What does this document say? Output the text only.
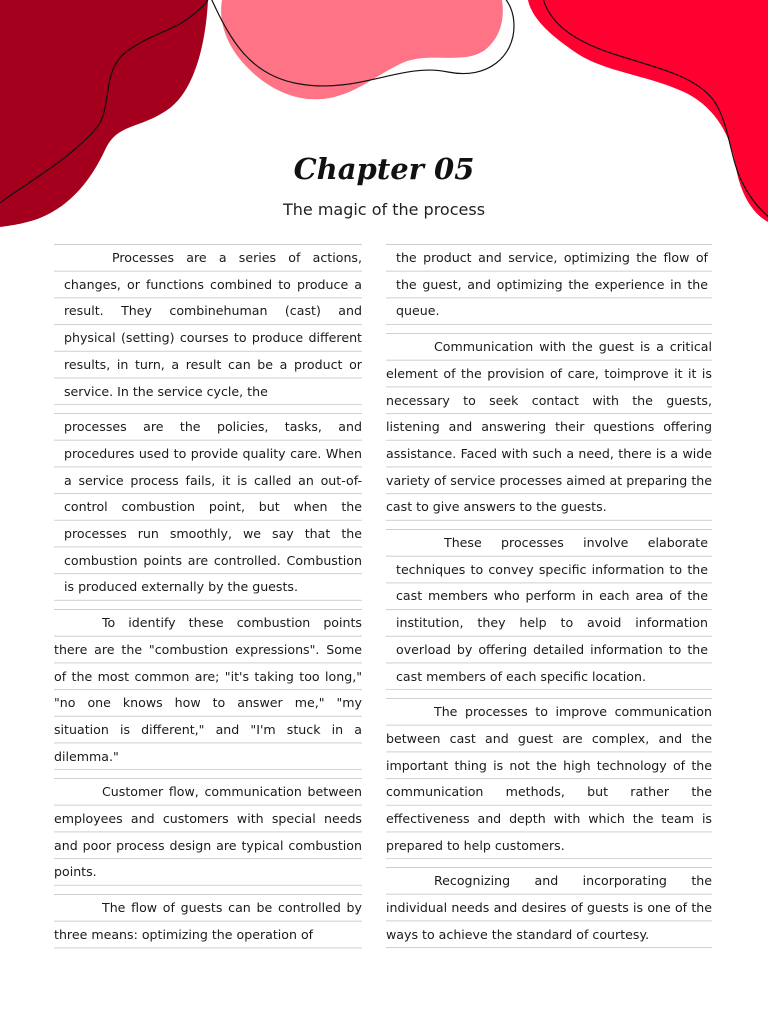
Chapter 05
The magic of the process

Processes are a series of actions, changes, or functions combined to produce a result. They combinehuman (cast) and physical (setting) courses to produce different results, in turn, a result can be a product or service. In the service cycle, the

processes are the policies, tasks, and procedures used to provide quality care. When a service process fails, it is called an out-of-control combustion point, but when the processes run smoothly, we say that the combustion points are controlled. Combustion is produced externally by the guests.

To identify these combustion points there are the "combustion expressions". Some of the most common are; "it's taking too long," "no one knows how to answer me," "my situation is different," and "I'm stuck in a dilemma."

Customer flow, communication between employees and customers with special needs and poor process design are typical combustion points.

The flow of guests can be controlled by three means: optimizing the operation of

the product and service, optimizing the flow of the guest, and optimizing the experience in the queue.

Communication with the guest is a critical element of the provision of care, toimprove it it is necessary to seek contact with the guests, listening and answering their questions offering assistance. Faced with such a need, there is a wide variety of service processes aimed at preparing the cast to give answers to the guests.

These processes involve elaborate techniques to convey specific information to the cast members who perform in each area of the institution, they help to avoid information overload by offering detailed information to the cast members of each specific location.

The processes to improve communication between cast and guest are complex, and the important thing is not the high technology of the communication methods, but rather the effectiveness and depth with which the team is prepared to help customers.

Recognizing and incorporating the individual needs and desires of guests is one of the ways to achieve the standard of courtesy.
